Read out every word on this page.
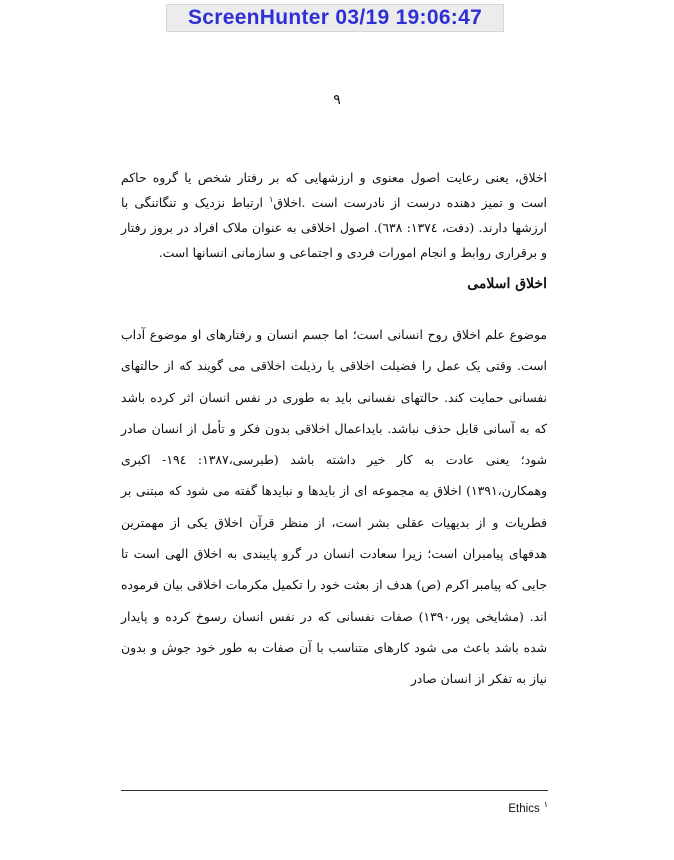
ScreenHunter 03/19 19:06:47
۹

اخلاق، یعنی رعایت اصول معنوی و ارزشهایی که بر رفتار شخص یا گروه حاکم است و تمیز دهنده درست از نادرست است .اخلاق$^۱$ ارتباط نزدیک و تنگاتنگی با ارزشها دارند. (دفت، ۱۳۷٤: ٦۳۸). اصول اخلاقی به عنوان ملاک افراد در بروز رفتار و برقراری روابط و انجام امورات فردی و اجتماعی و سازمانی انسانها است.

اخلاق اسلامی

موضوع علم اخلاق روح انسانی است؛ اما جسم انسان و رفتارهای او موضوع آداب است. وقتی یک عمل را فضیلت اخلاقی یا رذیلت اخلاقی می گویند که از حالتهای نفسانی حمایت کند. حالتهای نفسانی باید به طوری در نفس انسان اثر کرده باشد که به آسانی قابل حذف نباشد. بایداعمال اخلاقی بدون فکر و تأمل از انسان صادر شود؛ یعنی عادت به کار خیر داشته باشد (طبرسی،۱۳۸۷: ۱۹٤- اکبری وهمکارن،۱۳۹۱) اخلاق به مجموعه ای از بایدها و نبایدها گفته می شود که مبتنی بر فطریات و از بدیهیات عقلی بشر است، از منظر قرآن اخلاق یکی از مهمترین هدفهای پیامبران است؛ زیرا سعادت انسان در گرو پایبندی به اخلاق الهی است تا جایی که پیامبر اکرم (ص) هدف از بعثت خود را تکمیل مکرمات اخلاقی بیان فرموده اند. (مشایخی پور،۱۳۹۰) صفات نفسانی که در نفس انسان رسوخ کرده و پایدار شده باشد باعث می شود کارهای متناسب با آن صفات به طور خود جوش و بدون نیاز به تفکر از انسان صادر

Ethics $^۱$
